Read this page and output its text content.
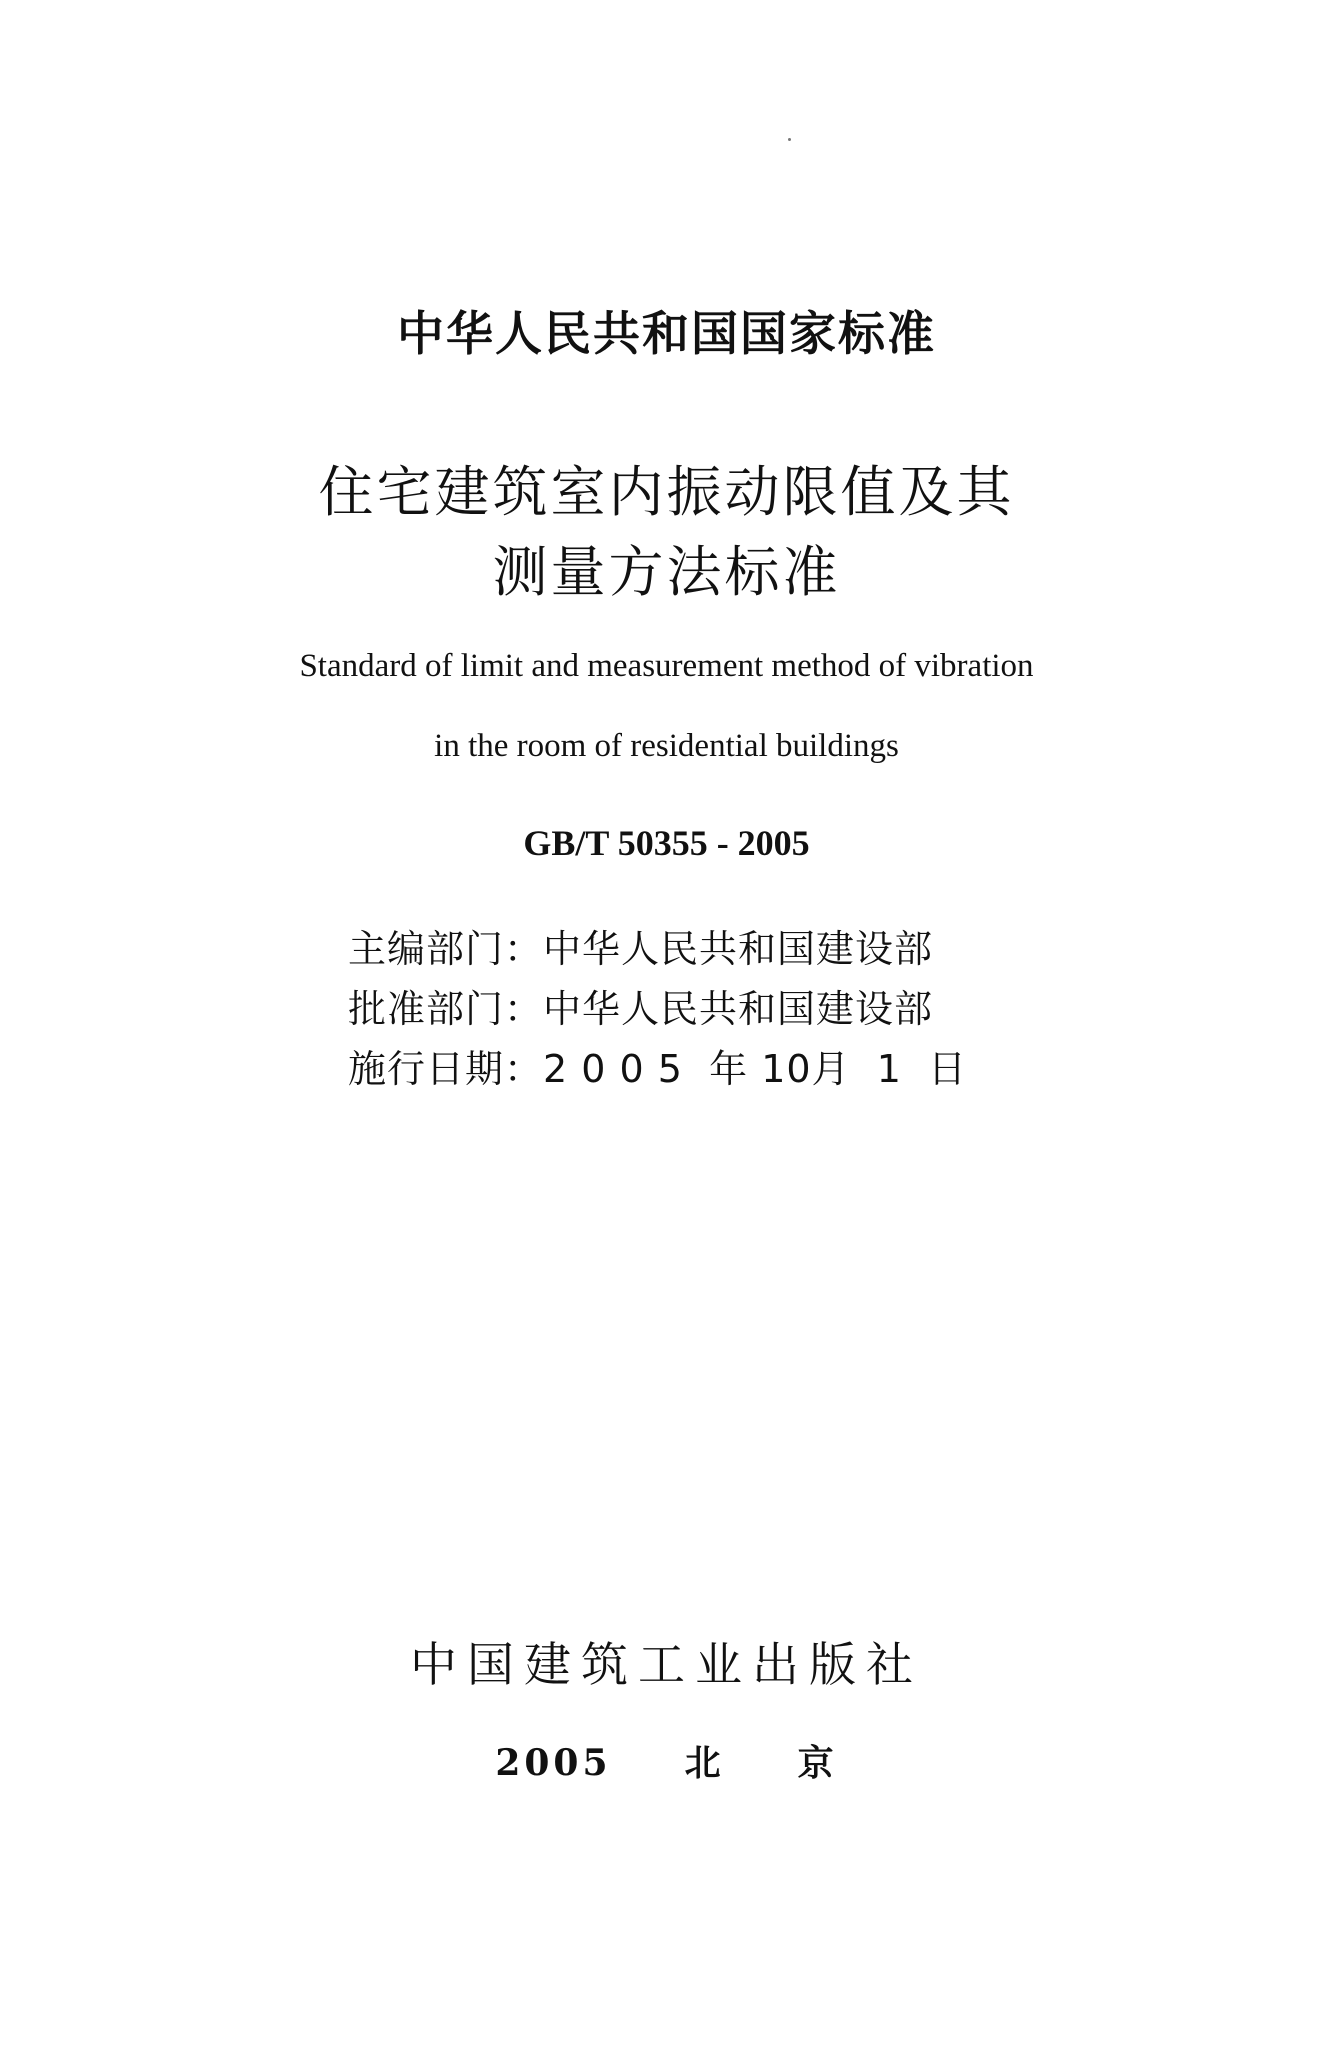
中华人民共和国国家标准
住宅建筑室内振动限值及其
测量方法标准
Standard of limit and measurement method of vibration
in the room of residential buildings
GB/T 50355 - 2005
主编部门：中华人民共和国建设部
批准部门：中华人民共和国建设部
施行日期：2 0 0 5  年 10月  1  日
中国建筑工业出版社
2005  北  京
